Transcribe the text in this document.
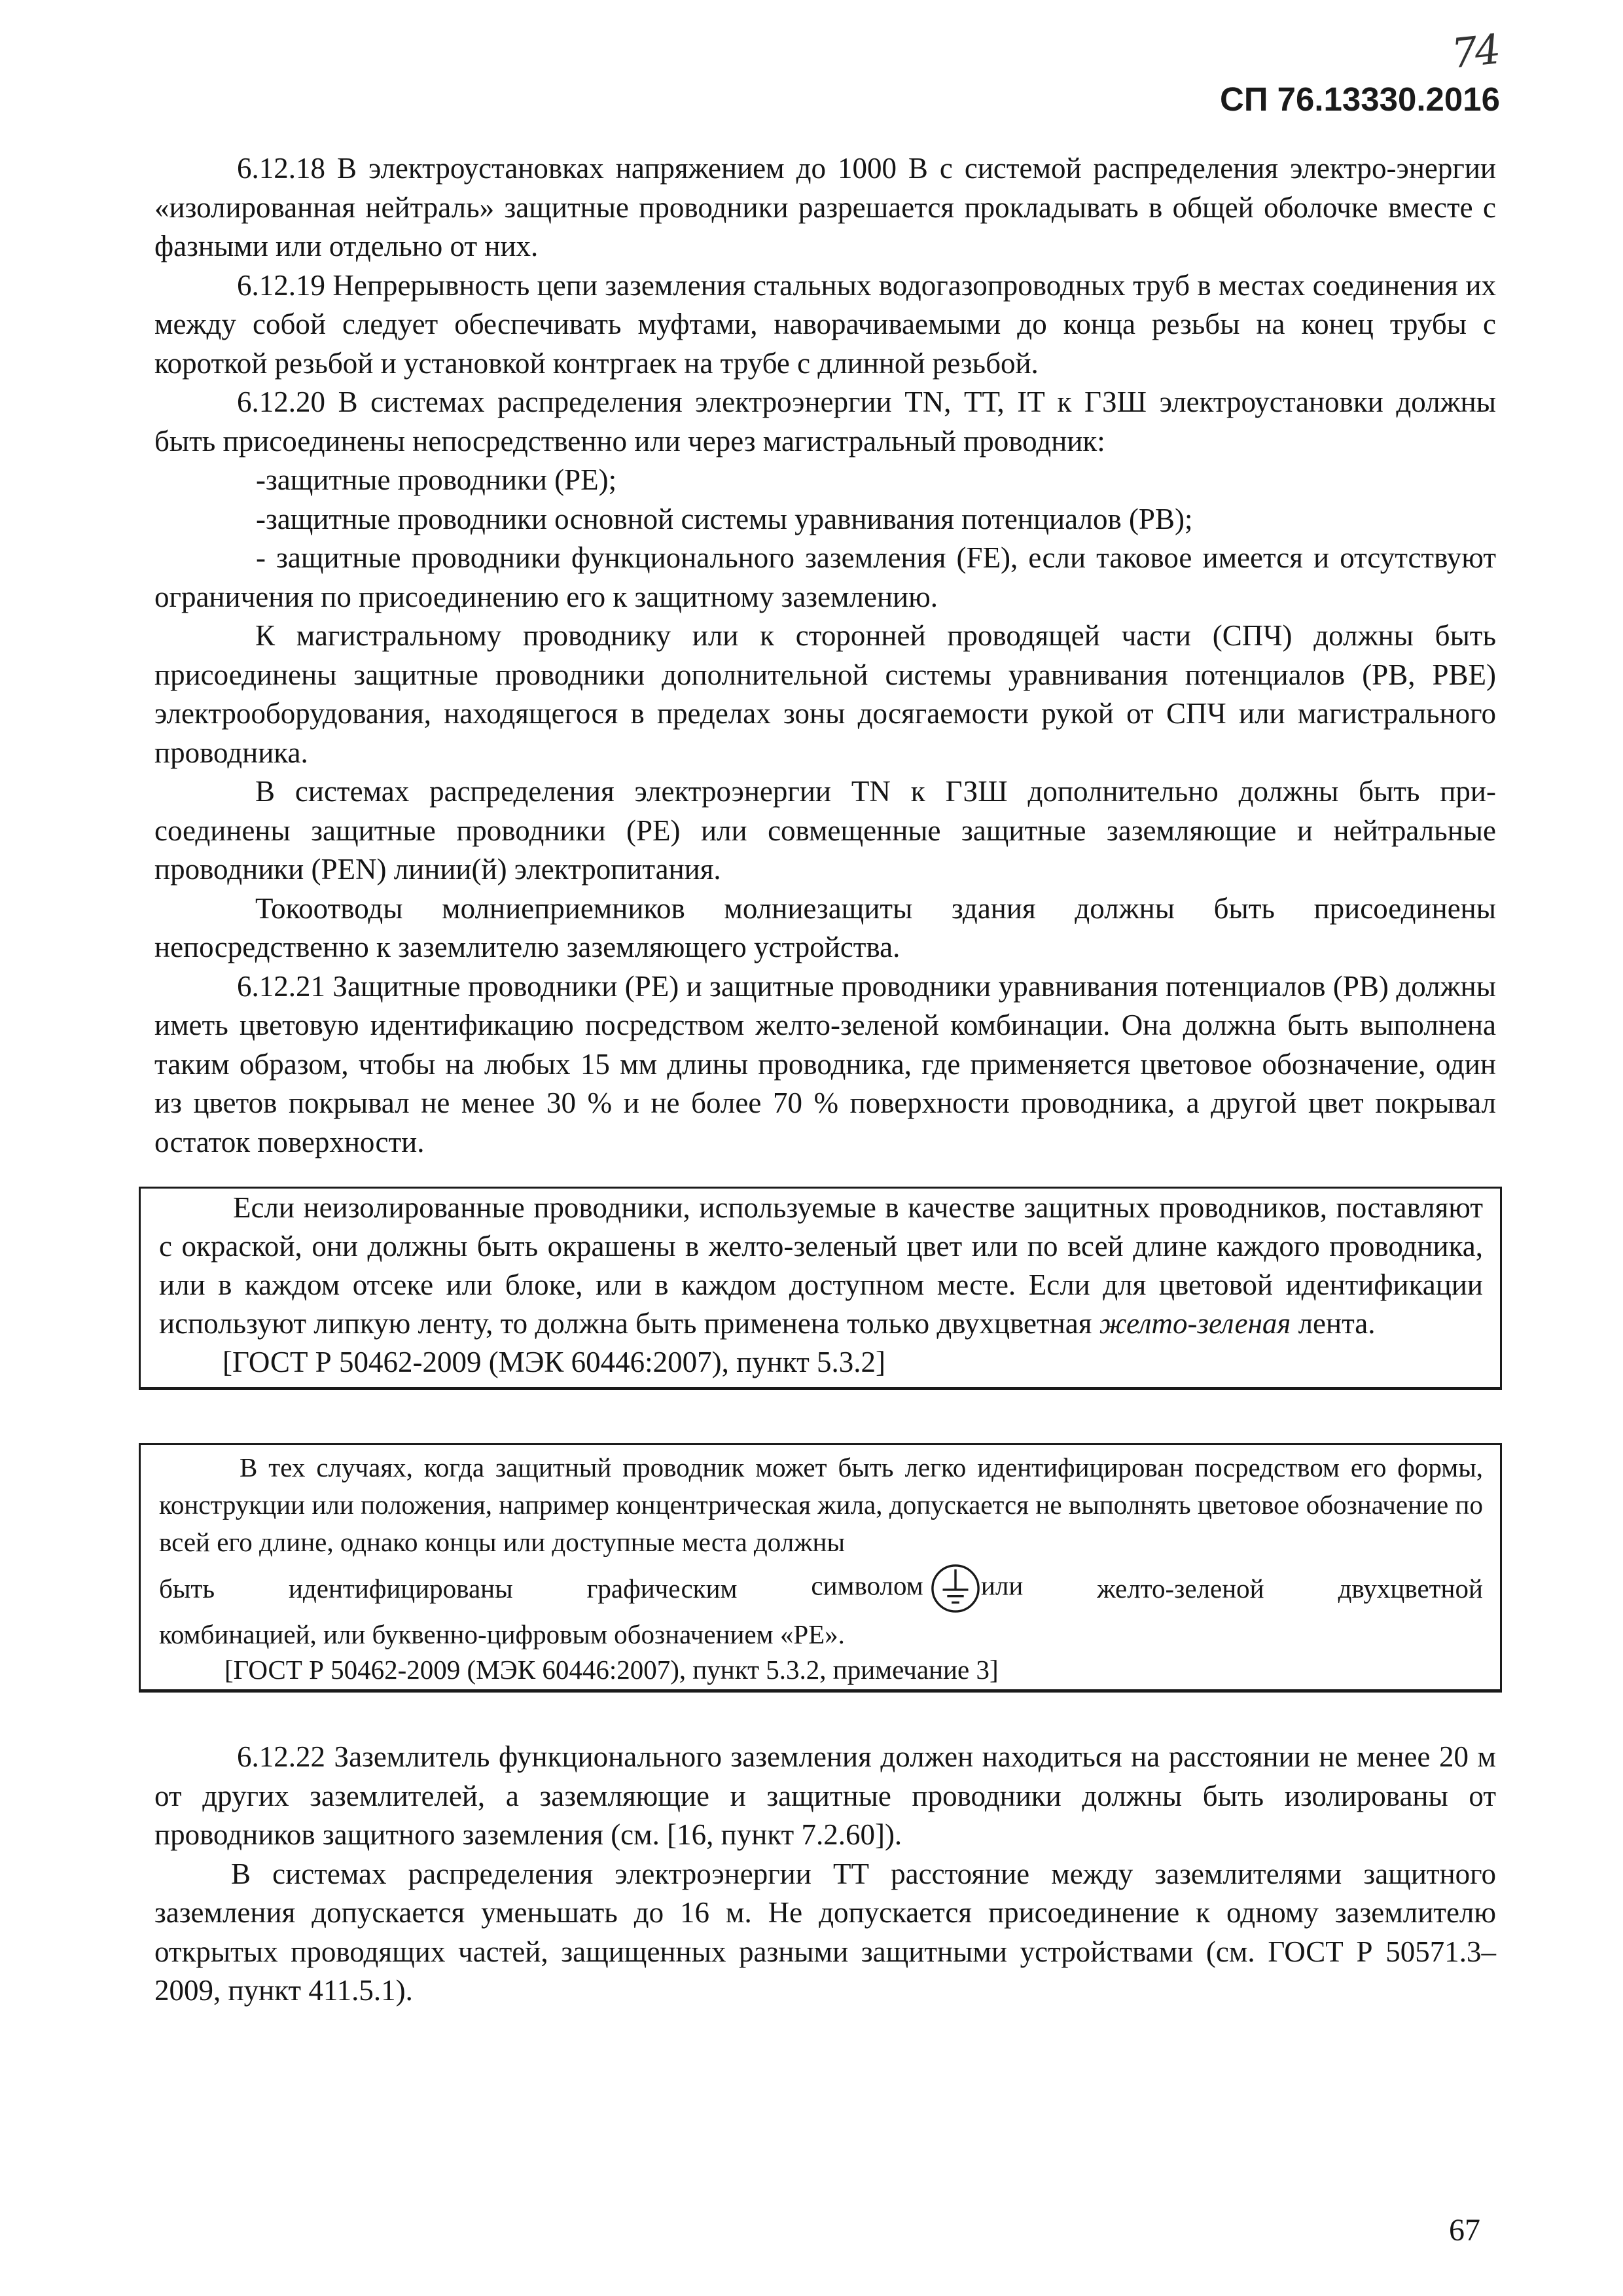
74
СП 76.13330.2016

6.12.18 В электроустановках напряжением до 1000 В с системой распределения электро-энергии «изолированная нейтраль» защитные проводники разрешается прокладывать в общей оболочке вместе с фазными или отдельно от них.

6.12.19 Непрерывность цепи заземления стальных водогазопроводных труб в местах соединения их между собой следует обеспечивать муфтами, наворачиваемыми до конца резьбы на конец трубы с короткой резьбой и установкой контргаек на трубе с длинной резьбой.

6.12.20 В системах распределения электроэнергии TN, ТТ, IT к ГЗШ электроустановки должны быть присоединены непосредственно или через магистральный проводник:

-защитные проводники (РЕ);

-защитные проводники основной системы уравнивания потенциалов (РВ);

- защитные проводники функционального заземления (FE), если таковое имеется и отсутствуют ограничения по присоединению его к защитному заземлению.

К магистральному проводнику или к сторонней проводящей части (СПЧ) должны быть присоединены защитные проводники дополнительной системы уравнивания потенциалов (РВ, РВЕ) электрооборудования, находящегося в пределах зоны досягаемости рукой от СПЧ или магистрального проводника.

В системах распределения электроэнергии TN к ГЗШ дополнительно должны быть при-соединены защитные проводники (РЕ) или совмещенные защитные заземляющие и нейтральные проводники (PEN) линии(й) электропитания.

Токоотводы молниеприемников молниезащиты здания должны быть присоединены непосредственно к заземлителю заземляющего устройства.

6.12.21 Защитные проводники (РЕ) и защитные проводники уравнивания потенциалов (РВ) должны иметь цветовую идентификацию посредством желто-зеленой комбинации. Она должна быть выполнена таким образом, чтобы на любых 15 мм длины проводника, где применяется цветовое обозначение, один из цветов покрывал не менее 30 % и не более 70 % поверхности проводника, а другой цвет покрывал остаток поверхности.

Если неизолированные проводники, используемые в качестве защитных проводников, поставляют с окраской, они должны быть окрашены в желто-зеленый цвет или по всей длине каждого проводника, или в каждом отсеке или блоке, или в каждом доступном месте. Если для цветовой идентификации используют липкую ленту, то должна быть применена только двухцветная желто-зеленая лента.

[ГОСТ Р 50462-2009 (МЭК 60446:2007), пункт 5.3.2]

В тех случаях, когда защитный проводник может быть легко идентифицирован посредством его формы, конструкции или положения, например концентрическая жила, допускается не выполнять цветовое обозначение по всей его длине, однако концы или доступные места должны

быть	идентифицированы	графическим	символом или	желто-зеленой	двухцветной

комбинацией, или буквенно-цифровым обозначением «РЕ».

[ГОСТ Р 50462-2009 (МЭК 60446:2007), пункт 5.3.2, примечание 3]

6.12.22 Заземлитель функционального заземления должен находиться на расстоянии не менее 20 м от других заземлителей, а заземляющие и защитные проводники должны быть изолированы от проводников защитного заземления (см. [16, пункт 7.2.60]).

В системах распределения электроэнергии ТТ расстояние между заземлителями защитного заземления допускается уменьшать до 16 м. Не допускается присоединение к одному заземлителю открытых проводящих частей, защищенных разными защитными устройствами (см. ГОСТ Р 50571.3–2009, пункт 411.5.1).

67
